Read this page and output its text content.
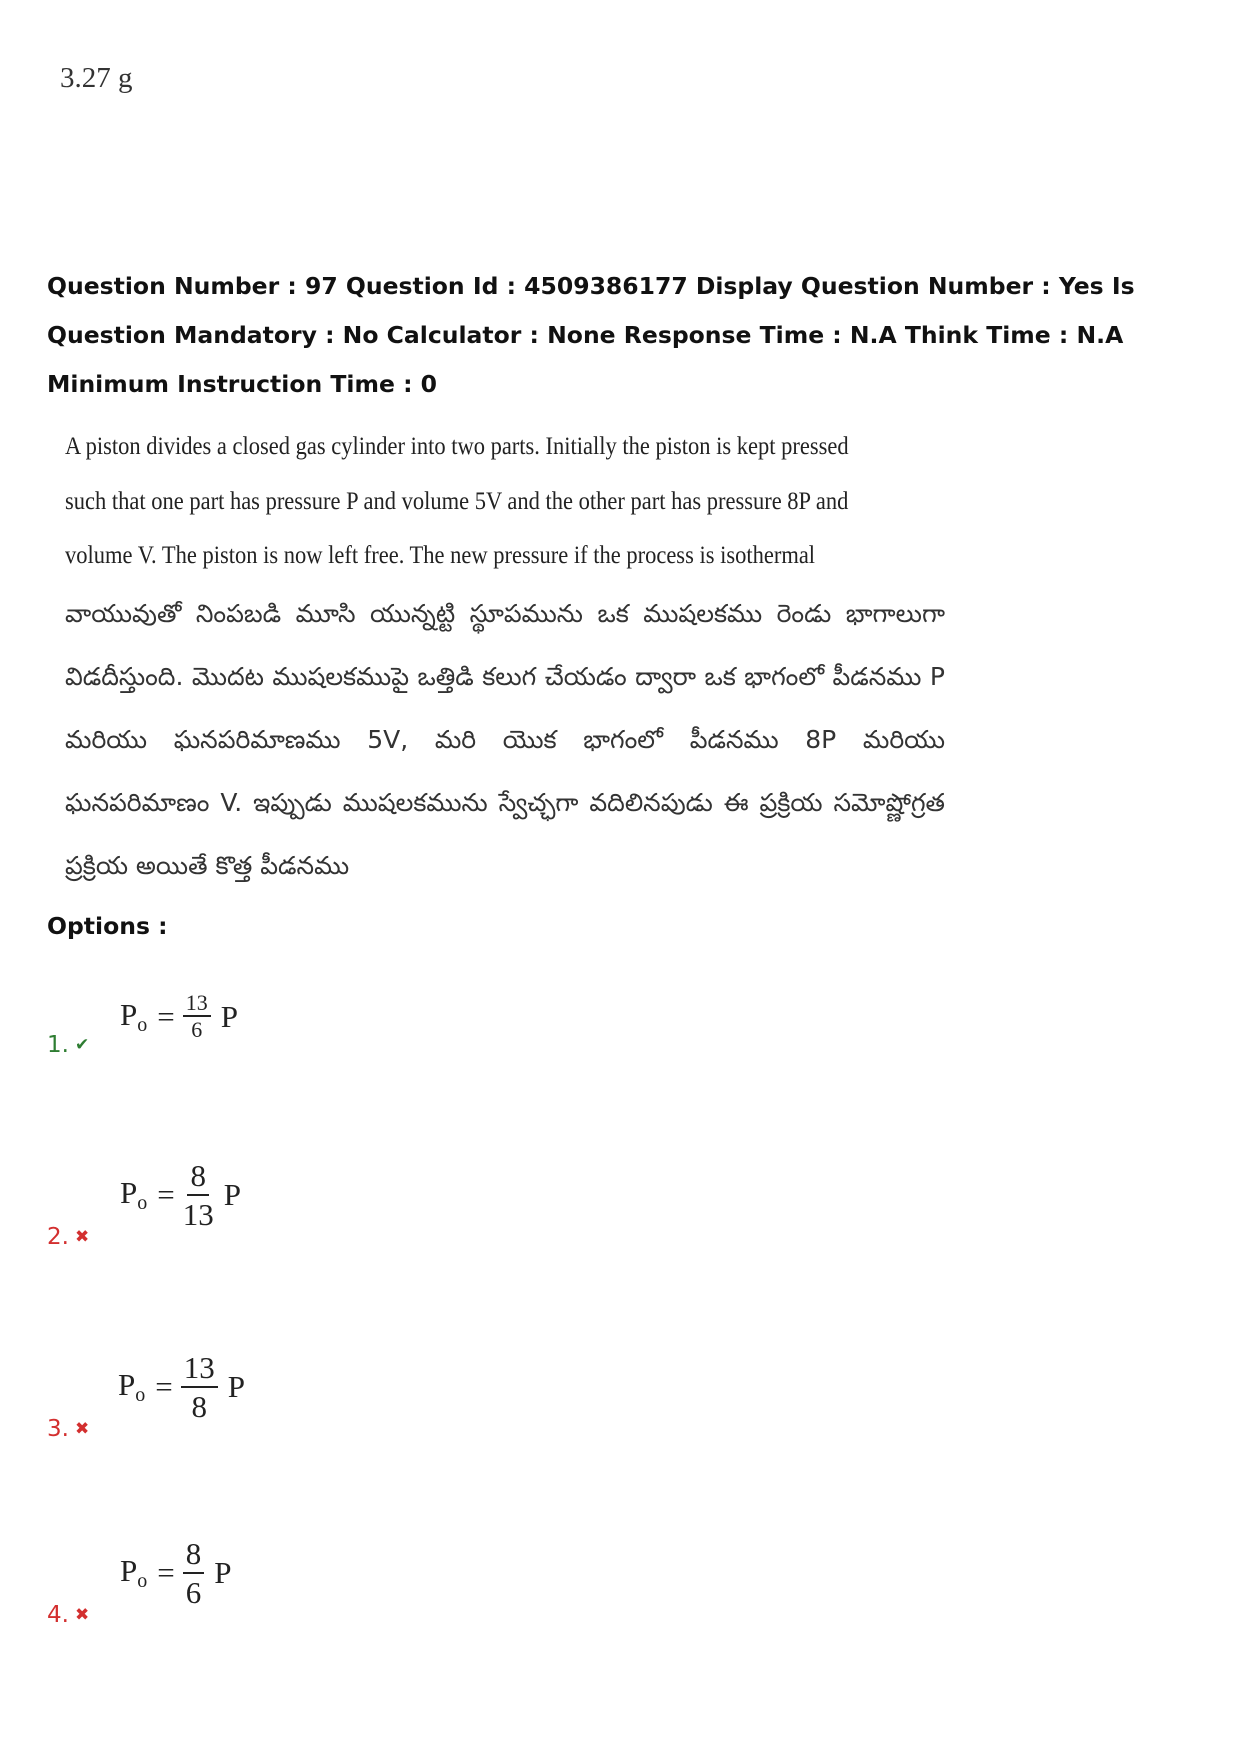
3.27 g
Question Number : 97 Question Id : 4509386177 Display Question Number : Yes Is Question Mandatory : No Calculator : None Response Time : N.A Think Time : N.A Minimum Instruction Time : 0
A piston divides a closed gas cylinder into two parts. Initially the piston is kept pressed such that one part has pressure P and volume 5V and the other part has pressure 8P and volume V. The piston is now left free. The new pressure if the process is isothermal
వాయువుతో నింపబడి మూసి యున్నట్టి స్థూపమును ఒక ముషలకము రెండు భాగాలుగా విడదీస్తుంది. మొదట ముషలకముపై ఒత్తిడి కలుగ చేయడం ద్వారా ఒక భాగంలో పీడనము P మరియు ఘనపరిమాణము 5V, మరి యొక భాగంలో పీడనము 8P మరియు ఘనపరిమాణం V. ఇప్పుడు ముషలకమును స్వేచ్ఛగా వదిలినపుడు ఈ ప్రక్రియ సమోష్ణోగ్రత ప్రక్రియ అయితే కొత్త పీడనము
Options :
1. ✔
$P_o = \frac{13}{6}$ P
2. ✖
$P_o = \frac{8}{13}$ P
3. ✖
$P_o = \frac{13}{8}$ P
4. ✖
$P_o = \frac{8}{6}$ P
